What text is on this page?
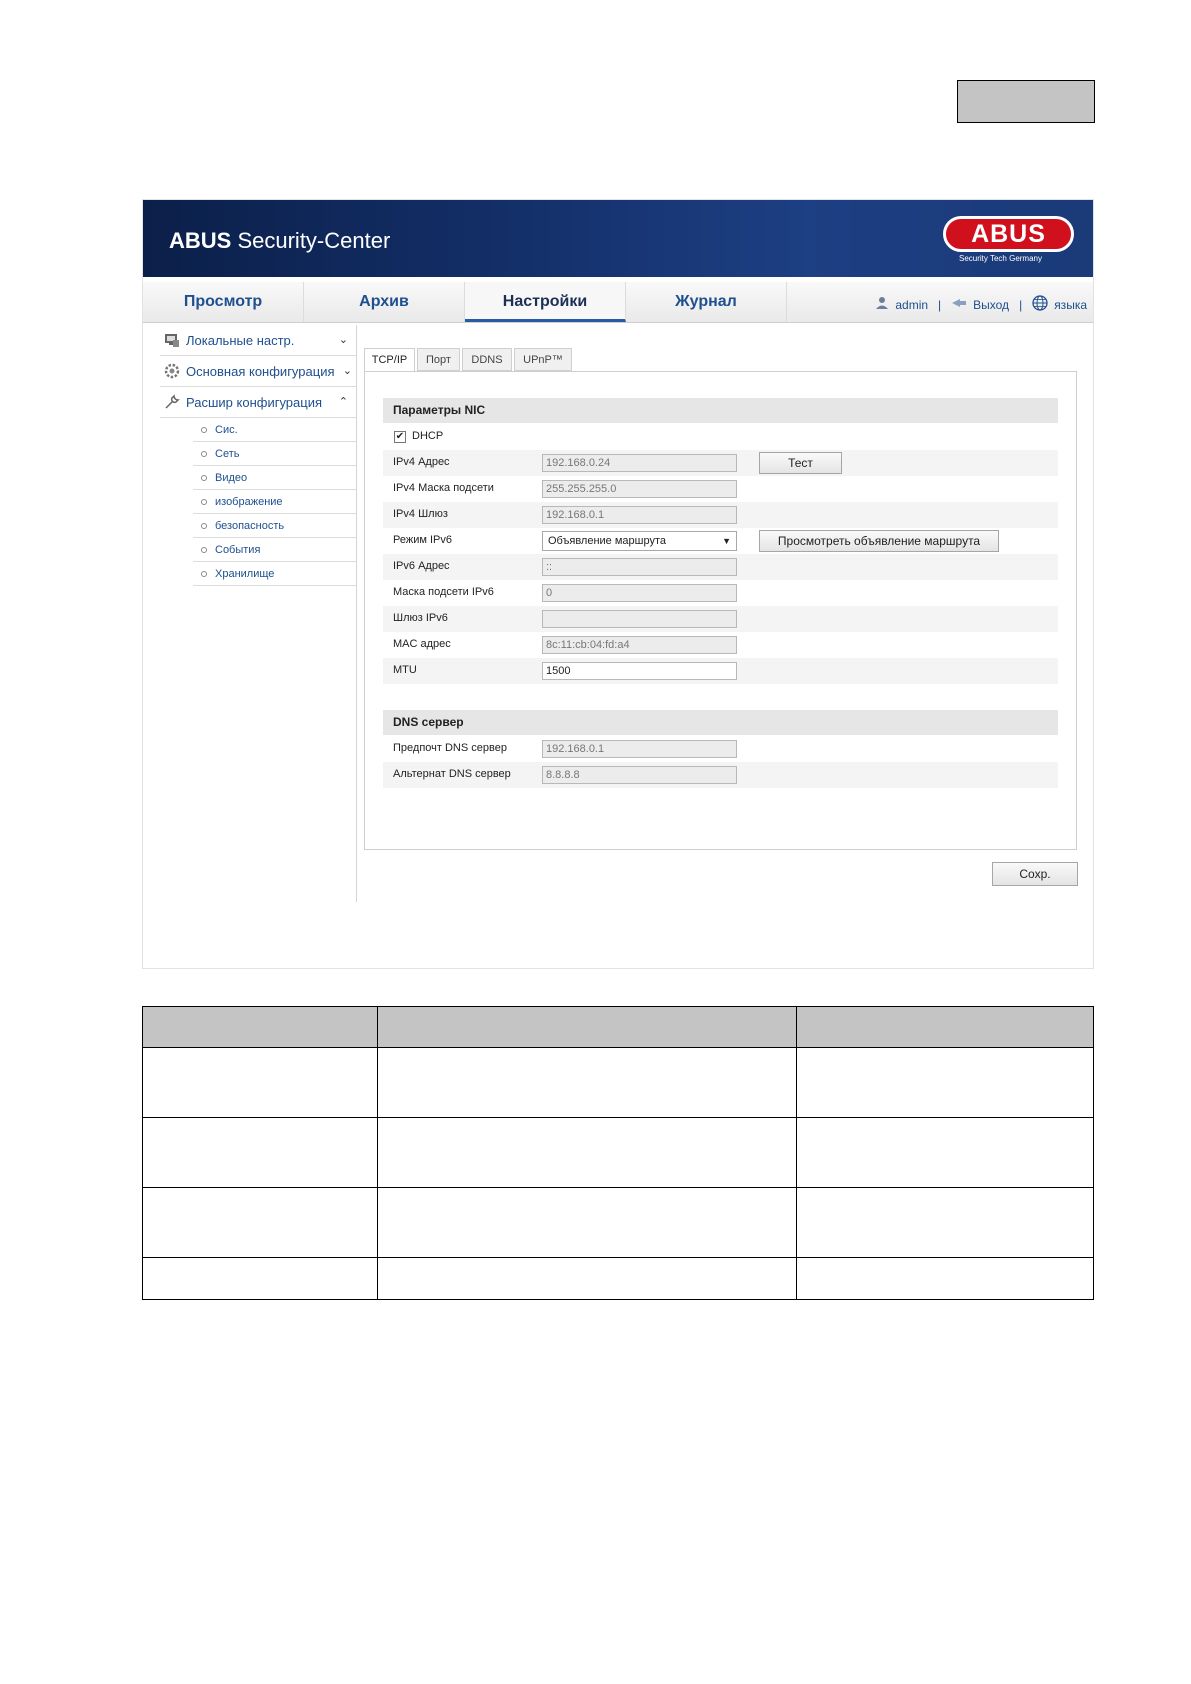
ABUS Security-Center	ABUS
Security Tech Germany
Просмотр	Архив	Настройки	Журнал	admin |	Выход |	языка
Локальные настр.	⌄
Основная конфигурация ⌄
Расшир конфигурация ⌃
Сис.
Сеть
Видео
изображение
безопасность
События
Хранилище
TCP/IP	Порт	DDNS	UPnP™
Параметры NIC
✔ DHCP
IPv4 Адрес	192.168.0.24	Тест
IPv4 Маска подсети	255.255.255.0
IPv4 Шлюз	192.168.0.1
Режим IPv6	Объявление маршрута	▼	Просмотреть объявление маршрута
IPv6 Адрес	::
Маска подсети IPv6	0
Шлюз IPv6
MAC адрес	8c:11:cb:04:fd:a4
MTU	1500
DNS сервер
Предпочт DNS сервер	192.168.0.1
Альтернат DNS сервер	8.8.8.8
Сохр.
